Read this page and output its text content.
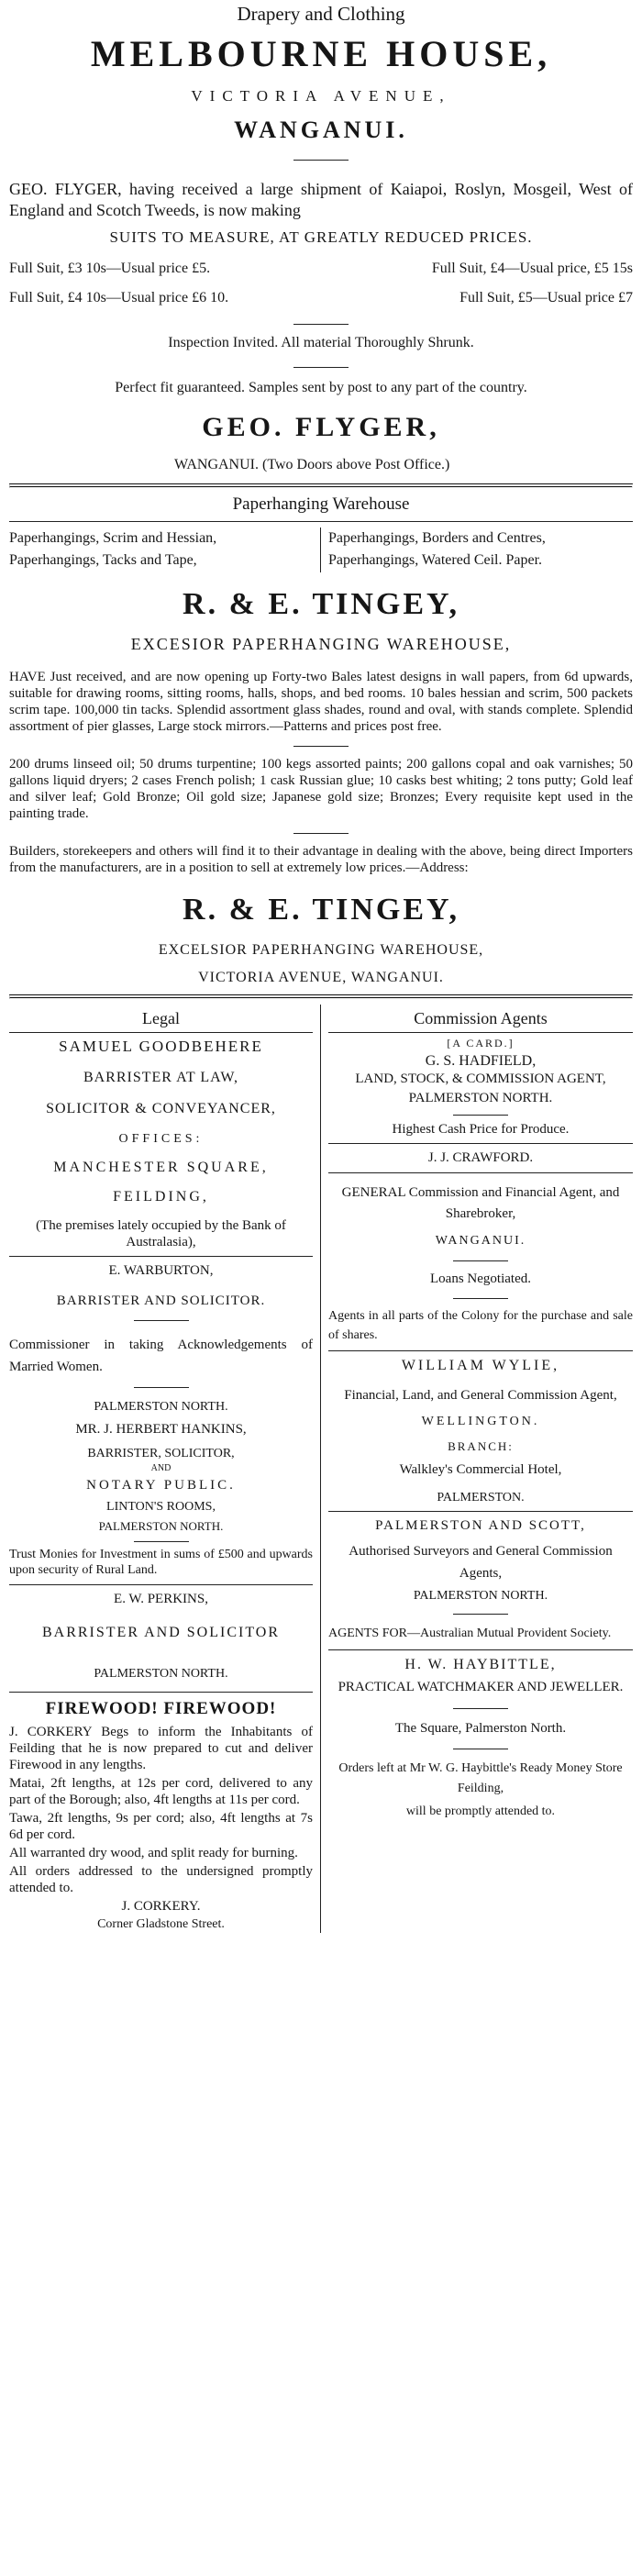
Drapery and Clothing

MELBOURNE HOUSE,

VICTORIA AVENUE,

WANGANUI.

GEO. FLYGER, having received a large shipment of Kaiapoi, Roslyn, Mosgeil, West of England and Scotch Tweeds, is now making

SUITS TO MEASURE, AT GREATLY REDUCED PRICES.

Full Suit, £3 10s—Usual price £5.	Full Suit, £4—Usual price, £5 15s
Full Suit, £4 10s—Usual price £6 10.	Full Suit, £5—Usual price £7

Inspection Invited. All material Thoroughly Shrunk.

Perfect fit guaranteed. Samples sent by post to any part of the country.

GEO. FLYGER,

WANGANUI. (Two Doors above Post Office.)

Paperhanging Warehouse

Paperhangings, Scrim and Hessian,

Paperhangings, Tacks and Tape,

Paperhangings, Borders and Centres,

Paperhangings, Watered Ceil. Paper.

R. & E. TINGEY,

EXCESIOR PAPERHANGING WAREHOUSE,

HAVE Just received, and are now opening up Forty-two Bales latest designs in wall papers, from 6d upwards, suitable for drawing rooms, sitting rooms, halls, shops, and bed rooms. 10 bales hessian and scrim, 500 packets scrim tape. 100,000 tin tacks. Splendid assortment glass shades, round and oval, with stands complete. Splendid assortment of pier glasses, Large stock mirrors.—Patterns and prices post free.

200 drums linseed oil; 50 drums turpentine; 100 kegs assorted paints; 200 gallons copal and oak varnishes; 50 gallons liquid dryers; 2 cases French polish; 1 cask Russian glue; 10 casks best whiting; 2 tons putty; Gold leaf and silver leaf; Gold Bronze; Oil gold size; Japanese gold size; Bronzes; Every requisite kept used in the painting trade.

Builders, storekeepers and others will find it to their advantage in dealing with the above, being direct Importers from the manufacturers, are in a position to sell at extremely low prices.—Address:

R. & E. TINGEY,

EXCELSIOR PAPERHANGING WAREHOUSE,

VICTORIA AVENUE, WANGANUI.

Legal

SAMUEL GOODBEHERE

BARRISTER AT LAW,

SOLICITOR & CONVEYANCER,

OFFICES:

MANCHESTER SQUARE,

FEILDING,

(The premises lately occupied by the Bank of Australasia),

E. WARBURTON,

BARRISTER AND SOLICITOR.

Commissioner in taking Acknowledgements of Married Women.

PALMERSTON NORTH.

MR. J. HERBERT HANKINS,

BARRISTER, SOLICITOR,

AND

NOTARY PUBLIC.

LINTON'S ROOMS,

PALMERSTON NORTH.

Trust Monies for Investment in sums of £500 and upwards upon security of Rural Land.

E. W. PERKINS,

BARRISTER AND SOLICITOR

PALMERSTON NORTH.

FIREWOOD! FIREWOOD!

J. CORKERY Begs to inform the Inhabitants of Feilding that he is now prepared to cut and deliver Firewood in any lengths.

Matai, 2ft lengths, at 12s per cord, delivered to any part of the Borough; also, 4ft lengths at 11s per cord.

Tawa, 2ft lengths, 9s per cord; also, 4ft lengths at 7s 6d per cord.

All warranted dry wood, and split ready for burning.

All orders addressed to the undersigned promptly attended to.

J. CORKERY.

Corner Gladstone Street.

Commission Agents

[A CARD.]

G. S. HADFIELD,

LAND, STOCK, & COMMISSION AGENT,

PALMERSTON NORTH.

Highest Cash Price for Produce.

J. J. CRAWFORD.

GENERAL Commission and Financial Agent, and Sharebroker,

WANGANUI.

Loans Negotiated.

Agents in all parts of the Colony for the purchase and sale of shares.

WILLIAM WYLIE,

Financial, Land, and General Commission Agent,

WELLINGTON.

BRANCH:

Walkley's Commercial Hotel,

PALMERSTON.

PALMERSTON AND SCOTT,

Authorised Surveyors and General Commission Agents,

PALMERSTON NORTH.

AGENTS FOR—Australian Mutual Provident Society.

H. W. HAYBITTLE,

PRACTICAL WATCHMAKER AND JEWELLER.

The Square, Palmerston North.

Orders left at Mr W. G. Haybittle's Ready Money Store Feilding,

will be promptly attended to.
